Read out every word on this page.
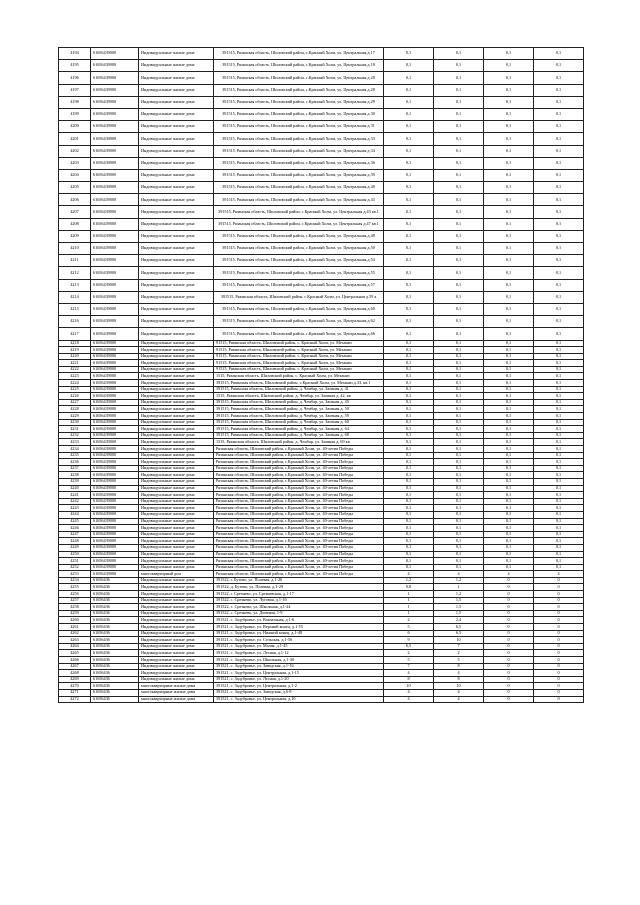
4194	61656439000	Индивидуальные жилые дома	391515, Рязанская область, Шиловский район, с.Красный Холм, ул. Центральная д.17	0,1	0,1	0,1	0,1
4195	61656439000	Индивидуальные жилые дома	391515, Рязанская область, Шиловский район, с.Красный Холм, ул. Центральная д.18	0,1	0,1	0,1	0,1
4196	61656439000	Индивидуальные жилые дома	391515, Рязанская область, Шиловский район, с.Красный Холм, ул. Центральная д.20	0,1	0,1	0,1	0,1
4197	61656439000	Индивидуальные жилые дома	391515, Рязанская область, Шиловский район, с.Красный Холм, ул. Центральная д.28	0,1	0,1	0,1	0,1
4198	61656439000	Индивидуальные жилые дома	391515, Рязанская область, Шиловский район, с.Красный Холм, ул. Центральная д.29	0,1	0,1	0,1	0,1
4199	61656439000	Индивидуальные жилые дома	391515, Рязанская область, Шиловский район, с.Красный Холм, ул. Центральная д.30	0,1	0,1	0,1	0,1
4200	61656439000	Индивидуальные жилые дома	391515, Рязанская область, Шиловский район, с.Красный Холм, ул. Центральная д.31	0,1	0,1	0,1	0,1
4201	61656439000	Индивидуальные жилые дома	391515, Рязанская область, Шиловский район, с.Красный Холм, ул. Центральная д.33	0,1	0,1	0,1	0,1
4202	61656439000	Индивидуальные жилые дома	391515, Рязанская область, Шиловский район, с.Красный Холм, ул. Центральная д.34	0,1	0,1	0,1	0,1
4203	61656439000	Индивидуальные жилые дома	391515, Рязанская область, Шиловский район, с.Красный Холм, ул. Центральная д.36	0,1	0,1	0,1	0,1
4204	61656439000	Индивидуальные жилые дома	391515, Рязанская область, Шиловский район, с.Красный Холм, ул. Центральная д.39	0,1	0,1	0,1	0,1
4205	61656439000	Индивидуальные жилые дома	391515, Рязанская область, Шиловский район, с.Красный Холм, ул. Центральная д.40	0,1	0,1	0,1	0,1
4206	61656439000	Индивидуальные жилые дома	391515, Рязанская область, Шиловский район, с.Красный Холм, ул. Центральная д.43	0,1	0,1	0,1	0,1
4207	61656439000	Индивидуальные жилые дома	391515, Рязанская область, Шиловский район, с.Красный Холм, ул. Центральная д.43 кв.1	0,1	0,1	0,1	0,1
4208	61656439000	Индивидуальные жилые дома	391515, Рязанская область, Шиловский район, с.Красный Холм, ул. Центральная д.47 кв.1	0,1	0,1	0,1	0,1
4209	61656439000	Индивидуальные жилые дома	391515, Рязанская область, Шиловский район, с.Красный Холм, ул. Центральная д.48	0,1	0,1	0,1	0,1
4210	61656439000	Индивидуальные жилые дома	391515, Рязанская область, Шиловский район, с.Красный Холм, ул. Центральная д.50	0,1	0,1	0,1	0,1
4211	61656439000	Индивидуальные жилые дома	391515, Рязанская область, Шиловский район, с.Красный Холм, ул. Центральная д.54	0,1	0,1	0,1	0,1
4212	61656439000	Индивидуальные жилые дома	391515, Рязанская область, Шиловский район, с.Красный Холм, ул. Центральная д.55	0,1	0,1	0,1	0,1
4213	61656439000	Индивидуальные жилые дома	391515, Рязанская область, Шиловский район, с.Красный Холм, ул. Центральная д.57	0,1	0,1	0,1	0,1
4214	61656439000	Индивидуальные жилые дома	391515, Рязанская область, Шиловский район, с.Красный Холм, ул. Центральная д.59 а	0,1	0,1	0,1	0,1
4215	61656439000	Индивидуальные жилые дома	391515, Рязанская область, Шиловский район, с.Красный Холм, ул. Центральная д.60	0,1	0,1	0,1	0,1
4216	61656439000	Индивидуальные жилые дома	391515, Рязанская область, Шиловский район, с.Красный Холм, ул. Центральная д.62	0,1	0,1	0,1	0,1
4217	61656439000	Индивидуальные жилые дома	391515, Рязанская область, Шиловский район, с.Красный Холм, ул. Центральная д.66	0,1	0,1	0,1	0,1
4218	61656439000	Индивидуальные жилые дома	91515, Рязанская область, Шиловский район, с. Красный Холм, ул. Механиз	0,1	0,1	0,1	0,1
4219	61656439000	Индивидуальные жилые дома	91515, Рязанская область, Шиловский район, с. Красный Холм, ул. Механиз	0,1	0,1	0,1	0,1
4220	61656439000	Индивидуальные жилые дома	91515, Рязанская область, Шиловский район, с. Красный Холм, ул. Механиз	0,1	0,1	0,1	0,1
4221	61656439000	Индивидуальные жилые дома	91515, Рязанская область, Шиловский район, с. Красный Холм, ул. Механиз	0,1	0,1	0,1	0,1
4222	61656439000	Индивидуальные жилые дома	91515, Рязанская область, Шиловский район, с. Красный Холм, ул. Механиз	0,1	0,1	0,1	0,1
4223	61656439000	Индивидуальные жилые дома	1515, Рязанская область, Шиловский район, с. Красный Холм, ул. Механиз	0,1	0,1	0,1	0,1
4224	61656439000	Индивидуальные жилые дома	391515, Рязанская область, Шиловский район, с.Красный Холм, ул. Механиз.д.33, кв.1	0,1	0,1	0,1	0,1
4225	61656439000	Индивидуальные жилые дома	391515, Рязанская область, Шиловский район, д. Чембар, ул. Заовная д. 41	0,1	0,1	0,1	0,1
4226	61656439000	Индивидуальные жилые дома	1515, Рязанская область, Шиловский район, д. Чембар, ул. Заовная д. 42, кв	0,1	0,1	0,1	0,1
4227	61656439000	Индивидуальные жилые дома	391515, Рязанская область, Шиловский район, д. Чембар, ул. Заовная д. 45	0,1	0,1	0,1	0,1
4228	61656439000	Индивидуальные жилые дома	391515, Рязанская область, Шиловский район, д. Чембар, ул. Заовная д. 50	0,1	0,1	0,1	0,1
4229	61656439000	Индивидуальные жилые дома	391515, Рязанская область, Шиловский район, д. Чембар, ул. Заовная д. 59	0,1	0,1	0,1	0,1
4230	61656439000	Индивидуальные жилые дома	391515, Рязанская область, Шиловский район, д. Чембар, ул. Заовная д. 60	0,1	0,1	0,1	0,1
4231	61656439000	Индивидуальные жилые дома	391515, Рязанская область, Шиловский район, д. Чембар, ул. Заовная д. 64	0,1	0,1	0,1	0,1
4232	61656439000	Индивидуальные жилые дома	391515, Рязанская область, Шиловский район, д. Чембар, ул. Заовная д. 68	0,1	0,1	0,1	0,1
4233	61656439000	Индивидуальные жилые дома	1515, Рязанская область, Шиловский район, д. Чембар, ул. Заовная д. 69 кв	0,1	0,1	0,1	0,1
4234	61656439000	Индивидуальные жилые дома	Рязанская область, Шиловский район, с.Красный Холм, ул. 40-летия Победы	0,1	0,1	0,1	0,1
4235	61656439000	Индивидуальные жилые дома	Рязанская область, Шиловский район, с.Красный Холм, ул. 40-летия Победы	0,1	0,1	0,1	0,1
4236	61656439000	Индивидуальные жилые дома	Рязанская область, Шиловский район, с.Красный Холм, ул. 40-летия Победы	0,1	0,1	0,1	0,1
4237	61656439000	Индивидуальные жилые дома	Рязанская область, Шиловский район, с.Красный Холм, ул. 40-летия Победы	0,1	0,1	0,1	0,1
4238	61656439000	Индивидуальные жилые дома	Рязанская область, Шиловский район, с.Красный Холм, ул. 40-летия Победы	0,1	0,1	0,1	0,1
4239	61656439000	Индивидуальные жилые дома	Рязанская область, Шиловский район, с.Красный Холм, ул. 40-летия Победы	0,1	0,1	0,1	0,1
4240	61656439000	Индивидуальные жилые дома	Рязанская область, Шиловский район, с.Красный Холм, ул. 40-летия Победы	0,1	0,1	0,1	0,1
4241	61656439000	Индивидуальные жилые дома	Рязанская область, Шиловский район, с.Красный Холм, ул. 40-летия Победы	0,1	0,1	0,1	0,1
4242	61656439000	Индивидуальные жилые дома	Рязанская область, Шиловский район, с.Красный Холм, ул. 40-летия Победы	0,1	0,1	0,1	0,1
4243	61656439000	Индивидуальные жилые дома	Рязанская область, Шиловский район, с.Красный Холм, ул. 40-летия Победы	0,1	0,1	0,1	0,1
4244	61656439000	Индивидуальные жилые дома	Рязанская область, Шиловский район, с.Красный Холм, ул. 40-летия Победы	0,1	0,1	0,1	0,1
4245	61656439000	Индивидуальные жилые дома	Рязанская область, Шиловский район, с.Красный Холм, ул. 40-летия Победы	0,1	0,1	0,1	0,1
4246	61656439000	Индивидуальные жилые дома	Рязанская область, Шиловский район, с.Красный Холм, ул. 40-летия Победы	0,1	0,1	0,1	0,1
4247	61656439000	Индивидуальные жилые дома	Рязанская область, Шиловский район, с.Красный Холм, ул. 40-летия Победы	0,1	0,1	0,1	0,1
4248	61656439000	Индивидуальные жилые дома	Рязанская область, Шиловский район, с.Красный Холм, ул. 40-летия Победы	0,1	0,1	0,1	0,1
4249	61656439000	Индивидуальные жилые дома	Рязанская область, Шиловский район, с.Красный Холм, ул. 40-летия Победы	0,1	0,1	0,1	0,1
4250	61656439000	Индивидуальные жилые дома	Рязанская область, Шиловский район, с.Красный Холм, ул. 40-летия Победы	0,1	0,1	0,1	0,1
4251	61656439000	Индивидуальные жилые дома	Рязанская область, Шиловский район, с.Красный Холм, ул. 40-летия Победы	0,1	0,1	0,1	0,1
4252	61656439000	Индивидуальные жилые дома	Рязанская область, Шиловский район, с.Красный Холм, ул. 40-летия Победы	0,1	0,1	0,1	0,1
4253	61656439000	многоквартирный дом	Рязанская область, Шиловский район, с.Красный Холм, ул. 40-летия Победы	4	4	4	4
4254	61656436	Индивидуальные жилые дома	391522, г. Бутово, ул. Полевая, д.1-26	1,2	1,2	0	0
4255	61656436	Индивидуальные жилые дома	391522, д. Бутово, ул. Полевая, д.1-29	0,8	1	0	0
4256	61656436	Индивидуальные жилые дома	391522, г. Срезнево, ул. Срезневская, д.1-17	1	1,2	0	0
4257	61656436	Индивидуальные жилые дома	391522, с. Срезнево, ул. Луговая, д.1-16	1	1,5	0	0
4258	61656436	Индивидуальные жилые дома	391522, с. Срезнево, ул. Школьная, д.1-24	1	1,5	0	0
4259	61656436	Индивидуальные жилые дома	391522, с. Срезнево, ул. Доменая, 1-9	1	1,5	0	0
4260	61656436	Индивидуальные жилые дома	391521, с. Задубровье, ул. Вокзальная, д.1-6	2	2,4	0	0
4261	61656436	Индивидуальные жилые дома	391521, с. Задубровье, ул. Верхний конец, д.1-55	5	6,5	0	0
4262	61656436	Индивидуальные жилые дома	391521, с. Задубровье, ул. Нижний конец, д.1-48	6	6,5	0	0
4263	61656436	Индивидуальные жилые дома	391521, с. Задубровье, ул. Сельская, д.1-56	9	10	0	0
4264	61656436	Индивидуальные жилые дома	391521, с. Задубровье, ул. Малая, д.1-45	6,5	7	0	0
4265	61656436	Индивидуальные жилые дома	391521, с. Задубровье, ул. Лесная, д.1-12	2	2	0	0
4266	61656436	Индивидуальные жилые дома	391521, с. Задубровье, ул. Школьная, д.1-30	5	5	0	0
4267	61656436	Индивидуальные жилые дома	391521, с. Задубровье, ул. Заводская, д.1-16	7	8	0	0
4268	61656436	Индивидуальные жилые дома	391521, с. Задубровье, ул. Центральная, д.1-15	4	4	0	0
4269	61656436	Индивидуальные жилые дома	391521, с. Задубровье, ул. Лесная, д.1-20	8	8	0	0
4270	61656436	многоквартирные жилые дома	391521, с. Задубровье, ул. Центральная, д.1-2	10	10	0	0
4271	61656436	многоквартирные жилые дома	391521, с. Задубровье, ул. Заводская, д.6-8	4	4	0	0
4272	61656436	многоквартирные жилые дома	391521, с. Задубровье, ул. Центральная, д.10	4	4	0	0
